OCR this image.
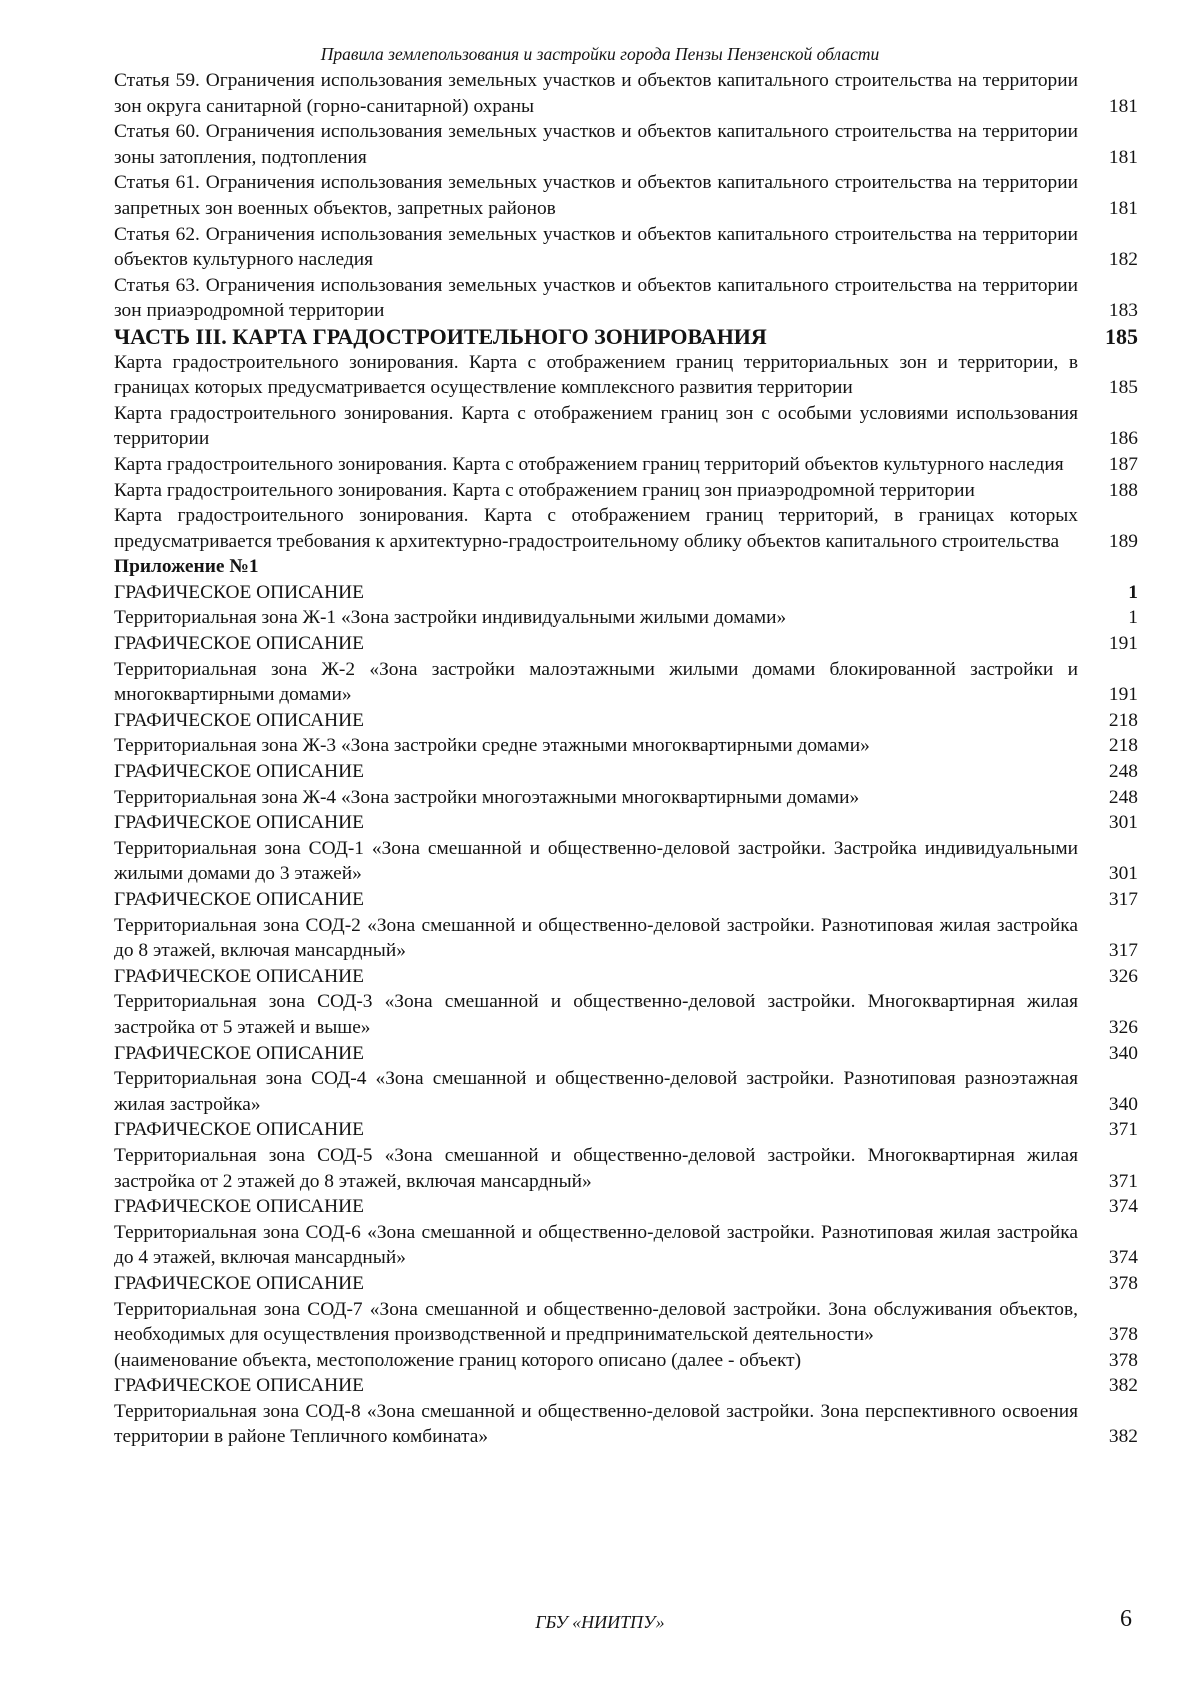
Правила землепользования и застройки города Пензы Пензенской области
Статья 59. Ограничения использования земельных участков и объектов капитального строительства на территории зон округа санитарной (горно-санитарной) охраны	181
Статья 60. Ограничения использования земельных участков и объектов капитального строительства на территории зоны затопления, подтопления	181
Статья 61. Ограничения использования земельных участков и объектов капитального строительства на территории запретных зон военных объектов, запретных районов	181
Статья 62. Ограничения использования земельных участков и объектов капитального строительства на территории объектов культурного наследия	182
Статья 63. Ограничения использования земельных участков и объектов капитального строительства на территории зон приаэродромной территории	183
ЧАСТЬ III. КАРТА ГРАДОСТРОИТЕЛЬНОГО ЗОНИРОВАНИЯ	185
Карта градостроительного зонирования. Карта с отображением границ территориальных зон и территории, в границах которых предусматривается осуществление комплексного развития территории	185
Карта градостроительного зонирования. Карта с отображением границ зон с особыми условиями использования территории	186
Карта градостроительного зонирования. Карта с отображением границ территорий объектов культурного наследия	187
Карта градостроительного зонирования. Карта с отображением границ зон приаэродромной территории	188
Карта градостроительного зонирования. Карта с отображением границ территорий, в границах которых предусматривается требования к архитектурно-градостроительному облику объектов капитального строительства	189
Приложение №1
ГРАФИЧЕСКОЕ ОПИСАНИЕ	1
Территориальная зона Ж-1 «Зона застройки индивидуальными жилыми домами»	1
ГРАФИЧЕСКОЕ ОПИСАНИЕ	191
Территориальная зона Ж-2 «Зона застройки малоэтажными жилыми домами блокированной застройки и многоквартирными домами»	191
ГРАФИЧЕСКОЕ ОПИСАНИЕ	218
Территориальная зона Ж-3 «Зона застройки средне этажными многоквартирными домами»	218
ГРАФИЧЕСКОЕ ОПИСАНИЕ	248
Территориальная зона Ж-4 «Зона застройки многоэтажными многоквартирными домами»	248
ГРАФИЧЕСКОЕ ОПИСАНИЕ	301
Территориальная зона СОД-1 «Зона смешанной и общественно-деловой застройки. Застройка индивидуальными жилыми домами до 3 этажей»	301
ГРАФИЧЕСКОЕ ОПИСАНИЕ	317
Территориальная зона СОД-2 «Зона смешанной и общественно-деловой застройки. Разнотиповая жилая застройка до 8 этажей, включая мансардный»	317
ГРАФИЧЕСКОЕ ОПИСАНИЕ	326
Территориальная зона СОД-3 «Зона смешанной и общественно-деловой застройки. Многоквартирная жилая застройка от 5 этажей и выше»	326
ГРАФИЧЕСКОЕ ОПИСАНИЕ	340
Территориальная зона СОД-4 «Зона смешанной и общественно-деловой застройки. Разнотиповая разноэтажная жилая застройка»	340
ГРАФИЧЕСКОЕ ОПИСАНИЕ	371
Территориальная зона СОД-5 «Зона смешанной и общественно-деловой застройки. Многоквартирная жилая застройка от 2 этажей до 8 этажей, включая мансардный»	371
ГРАФИЧЕСКОЕ ОПИСАНИЕ	374
Территориальная зона СОД-6 «Зона смешанной и общественно-деловой застройки. Разнотиповая жилая застройка до 4 этажей, включая мансардный»	374
ГРАФИЧЕСКОЕ ОПИСАНИЕ	378
Территориальная зона СОД-7 «Зона смешанной и общественно-деловой застройки. Зона обслуживания объектов, необходимых для осуществления производственной и предпринимательской деятельности»	378
(наименование объекта, местоположение границ которого описано (далее - объект)	378
ГРАФИЧЕСКОЕ ОПИСАНИЕ	382
Территориальная зона СОД-8 «Зона смешанной и общественно-деловой застройки. Зона перспективного освоения территории в районе Тепличного комбината»	382
ГБУ «НИИТПУ»	6
